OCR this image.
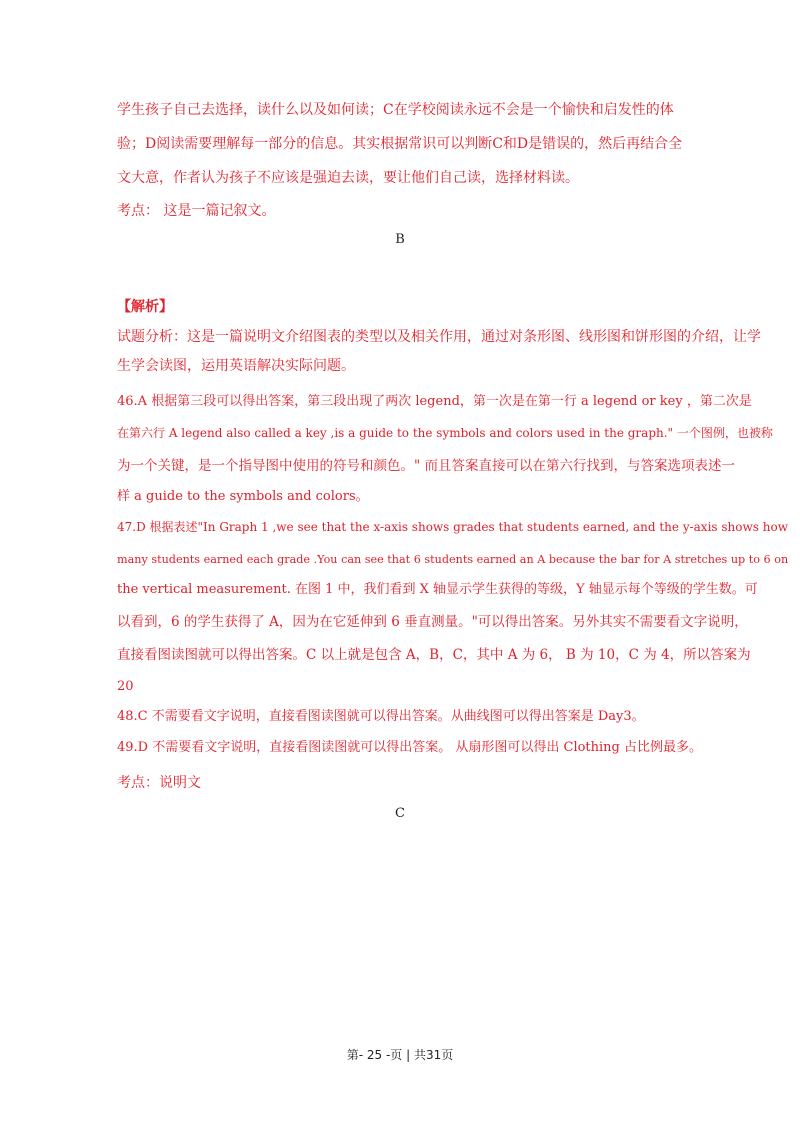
学生孩子自己去选择，读什么以及如何读；C在学校阅读永远不会是一个愉快和启发性的体
验；D阅读需要理解每一部分的信息。其实根据常识可以判断C和D是错误的，然后再结合全
文大意，作者认为孩子不应该是强迫去读，要让他们自己读，选择材料读。
考点： 这是一篇记叙文。
B
【解析】
试题分析：这是一篇说明文介绍图表的类型以及相关作用，通过对条形图、线形图和饼形图的介绍，让学
生学会读图，运用英语解决实际问题。
46.A 根据第三段可以得出答案，第三段出现了两次 legend，第一次是在第一行 a legend or key ，第二次是
在第六行 A legend also called a key ,is a guide to the symbols and colors used in the graph." 一个图例，也被称
为一个关键，是一个指导图中使用的符号和颜色。" 而且答案直接可以在第六行找到，与答案选项表述一
样 a guide to the symbols and colors。
47.D 根据表述"In Graph 1 ,we see that the x-axis shows grades that students earned, and the y-axis shows how
many students earned each grade .You can see that 6 students earned an A because the bar for A stretches up to 6 on
the vertical measurement. 在图 1 中，我们看到 X 轴显示学生获得的等级，Y 轴显示每个等级的学生数。可
以看到，6 的学生获得了 A，因为在它延伸到 6 垂直测量。"可以得出答案。另外其实不需要看文字说明，
直接看图读图就可以得出答案。C 以上就是包含 A，B，C，其中 A 为 6， B 为 10，C 为 4，所以答案为
20
48.C 不需要看文字说明，直接看图读图就可以得出答案。从曲线图可以得出答案是 Day3。
49.D 不需要看文字说明，直接看图读图就可以得出答案。 从扇形图可以得出 Clothing 占比例最多。
考点：说明文
C
第- 25 -页 | 共31页
